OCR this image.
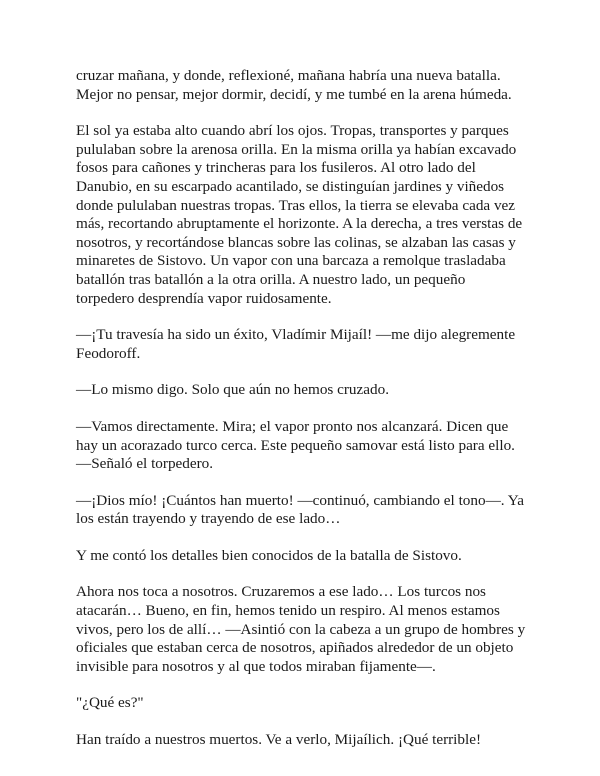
cruzar mañana, y donde, reflexioné, mañana habría una nueva batalla. Mejor no pensar, mejor dormir, decidí, y me tumbé en la arena húmeda.

El sol ya estaba alto cuando abrí los ojos. Tropas, transportes y parques pululaban sobre la arenosa orilla. En la misma orilla ya habían excavado fosos para cañones y trincheras para los fusileros. Al otro lado del Danubio, en su escarpado acantilado, se distinguían jardines y viñedos donde pululaban nuestras tropas. Tras ellos, la tierra se elevaba cada vez más, recortando abruptamente el horizonte. A la derecha, a tres verstas de nosotros, y recortándose blancas sobre las colinas, se alzaban las casas y minaretes de Sistovo. Un vapor con una barcaza a remolque trasladaba batallón tras batallón a la otra orilla. A nuestro lado, un pequeño torpedero desprendía vapor ruidosamente.

—¡Tu travesía ha sido un éxito, Vladímir Mijaíl! —me dijo alegremente Feodoroff.

—Lo mismo digo. Solo que aún no hemos cruzado.

—Vamos directamente. Mira; el vapor pronto nos alcanzará. Dicen que hay un acorazado turco cerca. Este pequeño samovar está listo para ello. —Señaló el torpedero.

—¡Dios mío! ¡Cuántos han muerto! —continuó, cambiando el tono—. Ya los están trayendo y trayendo de ese lado…

Y me contó los detalles bien conocidos de la batalla de Sistovo.

Ahora nos toca a nosotros. Cruzaremos a ese lado… Los turcos nos atacarán… Bueno, en fin, hemos tenido un respiro. Al menos estamos vivos, pero los de allí… —Asintió con la cabeza a un grupo de hombres y oficiales que estaban cerca de nosotros, apiñados alrededor de un objeto invisible para nosotros y al que todos miraban fijamente—.

"¿Qué es?"

Han traído a nuestros muertos. Ve a verlo, Mijaílich. ¡Qué terrible!
